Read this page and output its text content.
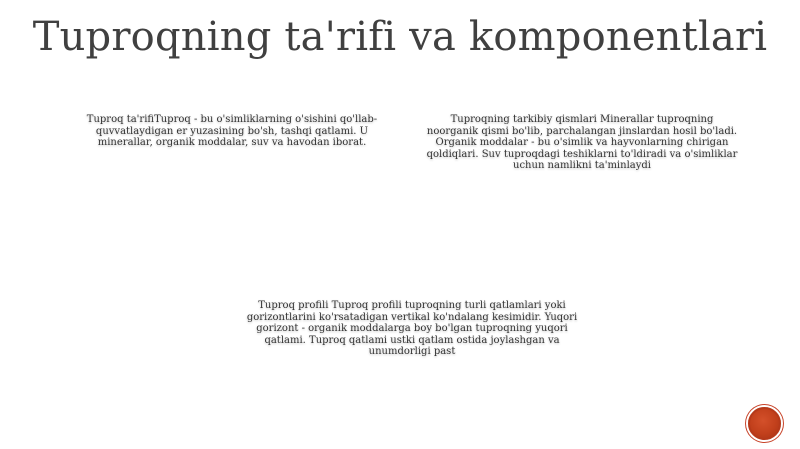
Tuproqning ta'rifi va komponentlari
Tuproq ta'rifiTuproq - bu o'simliklarning o'sishini qo'llab-quvvatlaydigan er yuzasining bo'sh, tashqi qatlami. U minerallar, organik moddalar, suv va havodan iborat.
Tuproqning tarkibiy qismlari Minerallar tuproqning noorganik qismi bo'lib, parchalangan jinslardan hosil bo'ladi. Organik moddalar - bu o'simlik va hayvonlarning chirigan qoldiqlari. Suv tuproqdagi teshiklarni to'ldiradi va o'simliklar uchun namlikni ta'minlaydi
Tuproq profili Tuproq profili tuproqning turli qatlamlari yoki gorizontlarini ko'rsatadigan vertikal ko'ndalang kesimidir. Yuqori gorizont - organik moddalarga boy bo'lgan tuproqning yuqori qatlami. Tuproq qatlami ustki qatlam ostida joylashgan va unumdorligi past
